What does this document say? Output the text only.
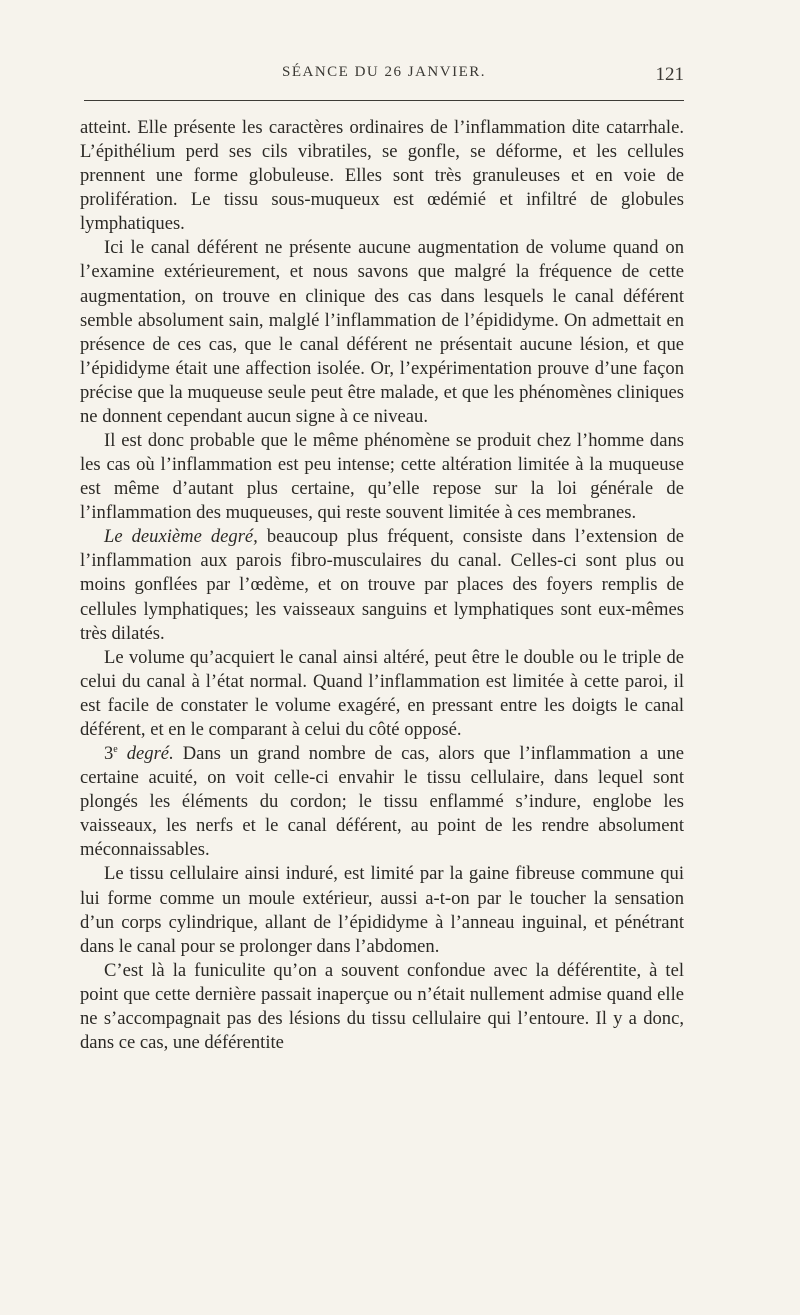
SÉANCE DU 26 JANVIER.	121

atteint. Elle présente les caractères ordinaires de l’inflammation dite catarrhale. L’épithélium perd ses cils vibratiles, se gonfle, se déforme, et les cellules prennent une forme globuleuse. Elles sont très granuleuses et en voie de prolifération. Le tissu sous-muqueux est œdémié et infiltré de globules lymphatiques.

Ici le canal déférent ne présente aucune augmentation de volume quand on l’examine extérieurement, et nous savons que malgré la fréquence de cette augmentation, on trouve en clinique des cas dans lesquels le canal déférent semble absolument sain, malglé l’inflammation de l’épididyme. On admettait en présence de ces cas, que le canal déférent ne présentait aucune lésion, et que l’épididyme était une affection isolée. Or, l’expérimentation prouve d’une façon précise que la muqueuse seule peut être malade, et que les phénomènes cliniques ne donnent cependant aucun signe à ce niveau.

Il est donc probable que le même phénomène se produit chez l’homme dans les cas où l’inflammation est peu intense; cette altération limitée à la muqueuse est même d’autant plus certaine, qu’elle repose sur la loi générale de l’inflammation des muqueuses, qui reste souvent limitée à ces membranes.

Le deuxième degré, beaucoup plus fréquent, consiste dans l’extension de l’inflammation aux parois fibro-musculaires du canal. Celles-ci sont plus ou moins gonflées par l’œdème, et on trouve par places des foyers remplis de cellules lymphatiques; les vaisseaux sanguins et lymphatiques sont eux-mêmes très dilatés.

Le volume qu’acquiert le canal ainsi altéré, peut être le double ou le triple de celui du canal à l’état normal. Quand l’inflammation est limitée à cette paroi, il est facile de constater le volume exagéré, en pressant entre les doigts le canal déférent, et en le comparant à celui du côté opposé.

3e degré. Dans un grand nombre de cas, alors que l’inflammation a une certaine acuité, on voit celle-ci envahir le tissu cellulaire, dans lequel sont plongés les éléments du cordon; le tissu enflammé s’indure, englobe les vaisseaux, les nerfs et le canal déférent, au point de les rendre absolument méconnaissables.

Le tissu cellulaire ainsi induré, est limité par la gaine fibreuse commune qui lui forme comme un moule extérieur, aussi a-t-on par le toucher la sensation d’un corps cylindrique, allant de l’épididyme à l’anneau inguinal, et pénétrant dans le canal pour se prolonger dans l’abdomen.

C’est là la funiculite qu’on a souvent confondue avec la déférentite, à tel point que cette dernière passait inaperçue ou n’était nullement admise quand elle ne s’accompagnait pas des lésions du tissu cellulaire qui l’entoure. Il y a donc, dans ce cas, une déférentite
